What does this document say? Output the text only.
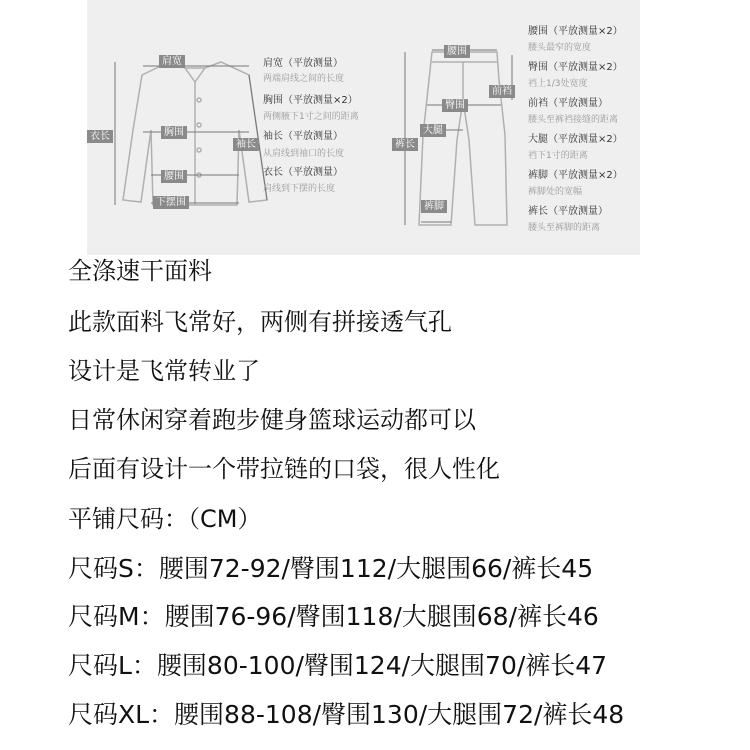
肩宽
胸围
袖长
衣长
腰围
下摆围
肩宽（平放测量）
两端肩线之间的长度
胸围（平放测量×2）
两侧腋下1寸之间的距离
袖长（平放测量）
从肩线到袖口的长度
衣长（平放测量）
肩线到下摆的长度
腰围
臀围
前裆
大腿
裤长
裤脚
腰围（平放测量×2）
腰头最窄的宽度
臀围（平放测量×2）
裆上1/3处宽度
前裆（平放测量）
腰头至裤裆接缝的距离
大腿（平放测量×2）
裆下1寸的距离
裤脚（平放测量×2）
裤脚处的宽幅
裤长（平放测量）
腰头至裤脚的距离
全涤速干面料
此款面料飞常好，两侧有拼接透气孔
设计是飞常转业了
日常休闲穿着跑步健身篮球运动都可以
后面有设计一个带拉链的口袋，很人性化
平铺尺码：（CM）
尺码S：腰围72-92/臀围112/大腿围66/裤长45
尺码M：腰围76-96/臀围118/大腿围68/裤长46
尺码L：腰围80-100/臀围124/大腿围70/裤长47
尺码XL：腰围88-108/臀围130/大腿围72/裤长48
